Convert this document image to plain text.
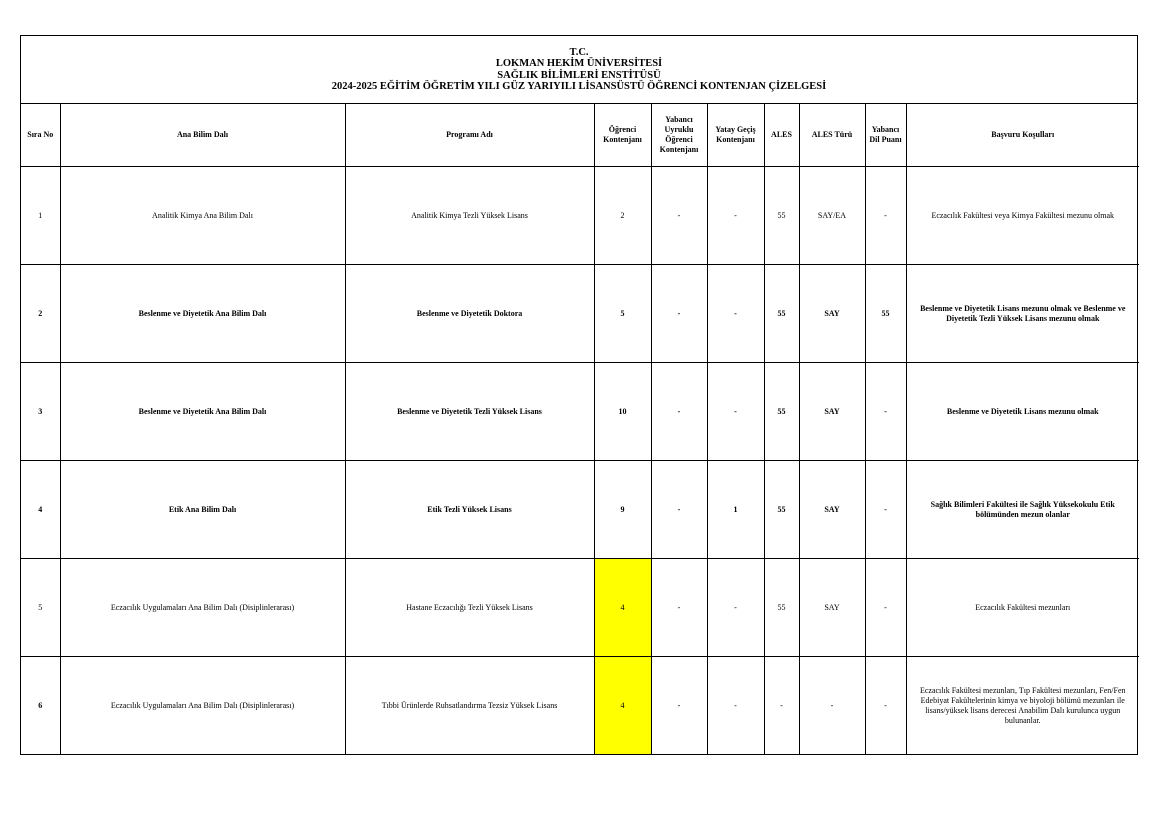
T.C.
LOKMAN HEKİM ÜNİVERSİTESİ
SAĞLIK BİLİMLERİ ENSTİTÜSÜ
2024-2025 EĞİTİM ÖĞRETİM YILI GÜZ YARIYILI LİSANSÜSTÜ ÖĞRENCİ KONTENJAN ÇİZELGESİ
Sıra No	Ana Bilim Dalı	Programı Adı	Öğrenci Kontenjanı	Yabancı Uyruklu Öğrenci Kontenjanı	Yatay Geçiş Kontenjanı	ALES	ALES Türü	Yabancı Dil Puanı	Başvuru Koşulları
1	Analitik Kimya Ana Bilim Dalı	Analitik Kimya Tezli Yüksek Lisans	2	-	-	55	SAY/EA	-	Eczacılık Fakültesi veya Kimya Fakültesi mezunu olmak
2	Beslenme ve Diyetetik Ana Bilim Dalı	Beslenme ve Diyetetik Doktora	5	-	-	55	SAY	55	Beslenme ve Diyetetik Lisans mezunu olmak ve Beslenme ve Diyetetik Tezli Yüksek Lisans mezunu olmak
3	Beslenme ve Diyetetik Ana Bilim Dalı	Beslenme ve Diyetetik Tezli Yüksek Lisans	10	-	-	55	SAY	-	Beslenme ve Diyetetik Lisans mezunu olmak
4	Etik Ana Bilim Dalı	Etik Tezli Yüksek Lisans	9	-	1	55	SAY	-	Sağlık Bilimleri Fakültesi ile Sağlık Yüksekokulu Etik bölümünden mezun olanlar
5	Eczacılık Uygulamaları Ana Bilim Dalı (Disiplinlerarası)	Hastane Eczacılığı Tezli Yüksek Lisans	4	-	-	55	SAY	-	Eczacılık Fakültesi mezunları
6	Eczacılık Uygulamaları Ana Bilim Dalı (Disiplinlerarası)	Tıbbi Ürünlerde Ruhsatlandırma Tezsiz Yüksek Lisans	4	-	-	-	-	-	Eczacılık Fakültesi mezunları, Tıp Fakültesi mezunları, Fen/Fen Edebiyat Fakültelerinin kimya ve biyoloji bölümü mezunları ile lisans/yüksek lisans derecesi Anabilim Dalı kurulunca uygun bulunanlar.
